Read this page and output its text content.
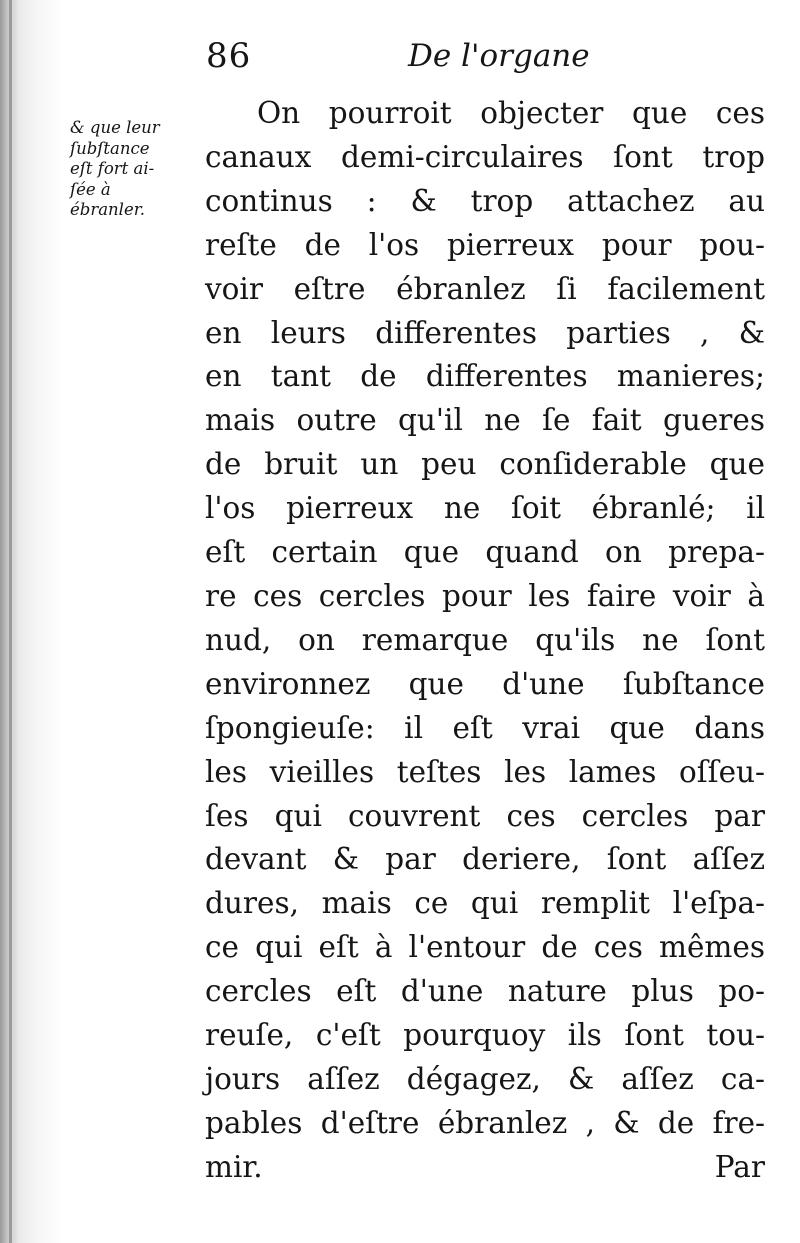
86	De l'organe
& que leur
ſubſtance
eſt fort ai-
ſée à
ébranler.
On pourroit objecter que ces
canaux demi-circulaires ſont trop
continus : & trop attachez au
reſte de l'os pierreux pour pou-
voir eſtre ébranlez ſi facilement
en leurs differentes parties , &
en tant de differentes manieres;
mais outre qu'il ne ſe fait gueres
de bruit un peu conſiderable que
l'os pierreux ne ſoit ébranlé; il
eſt certain que quand on prepa-
re ces cercles pour les faire voir à
nud, on remarque qu'ils ne ſont
environnez que d'une ſubſtance
ſpongieuſe: il eſt vrai que dans
les vieilles teſtes les lames oſſeu-
ſes qui couvrent ces cercles par
devant & par deriere, ſont aſſez
dures, mais ce qui remplit l'eſpa-
ce qui eſt à l'entour de ces mêmes
cercles eſt d'une nature plus po-
reuſe, c'eſt pourquoy ils ſont tou-
jours aſſez dégagez, & aſſez ca-
pables d'eſtre ébranlez , & de fre-
mir.	Par
